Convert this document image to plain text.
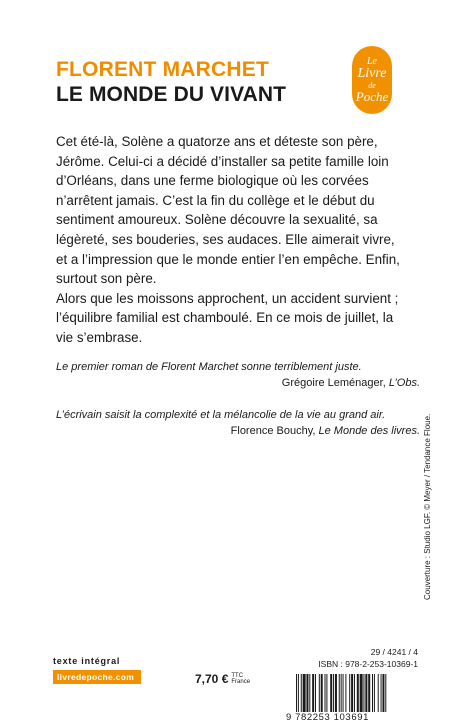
FLORENT MARCHET
LE MONDE DU VIVANT
Le
Livre
de
Poche

Cet été-là, Solène a quatorze ans et déteste son père, Jérôme. Celui-ci a décidé d’installer sa petite famille loin d’Orléans, dans une ferme biologique où les corvées n’arrêtent jamais. C’est la fin du collège et le début du sentiment amoureux. Solène découvre la sexualité, sa légèreté, ses bouderies, ses audaces. Elle aimerait vivre, et a l’impression que le monde entier l’en empêche. Enfin, surtout son père.

Alors que les moissons approchent, un accident survient ; l’équilibre familial est chamboulé. En ce mois de juillet, la vie s’embrase.

Le premier roman de Florent Marchet sonne terriblement juste.
Grégoire Leménager, L’Obs.
L’écrivain saisit la complexité et la mélancolie de la vie au grand air.
Florence Bouchy, Le Monde des livres. Couverture : Studio LGF. © Meyer / Tendance Floue.
texte intégral
livredepoche.com	7,70 € TTC
France
29 / 4241 / 4
ISBN : 978-2-253-10369-1
9 782253 103691
